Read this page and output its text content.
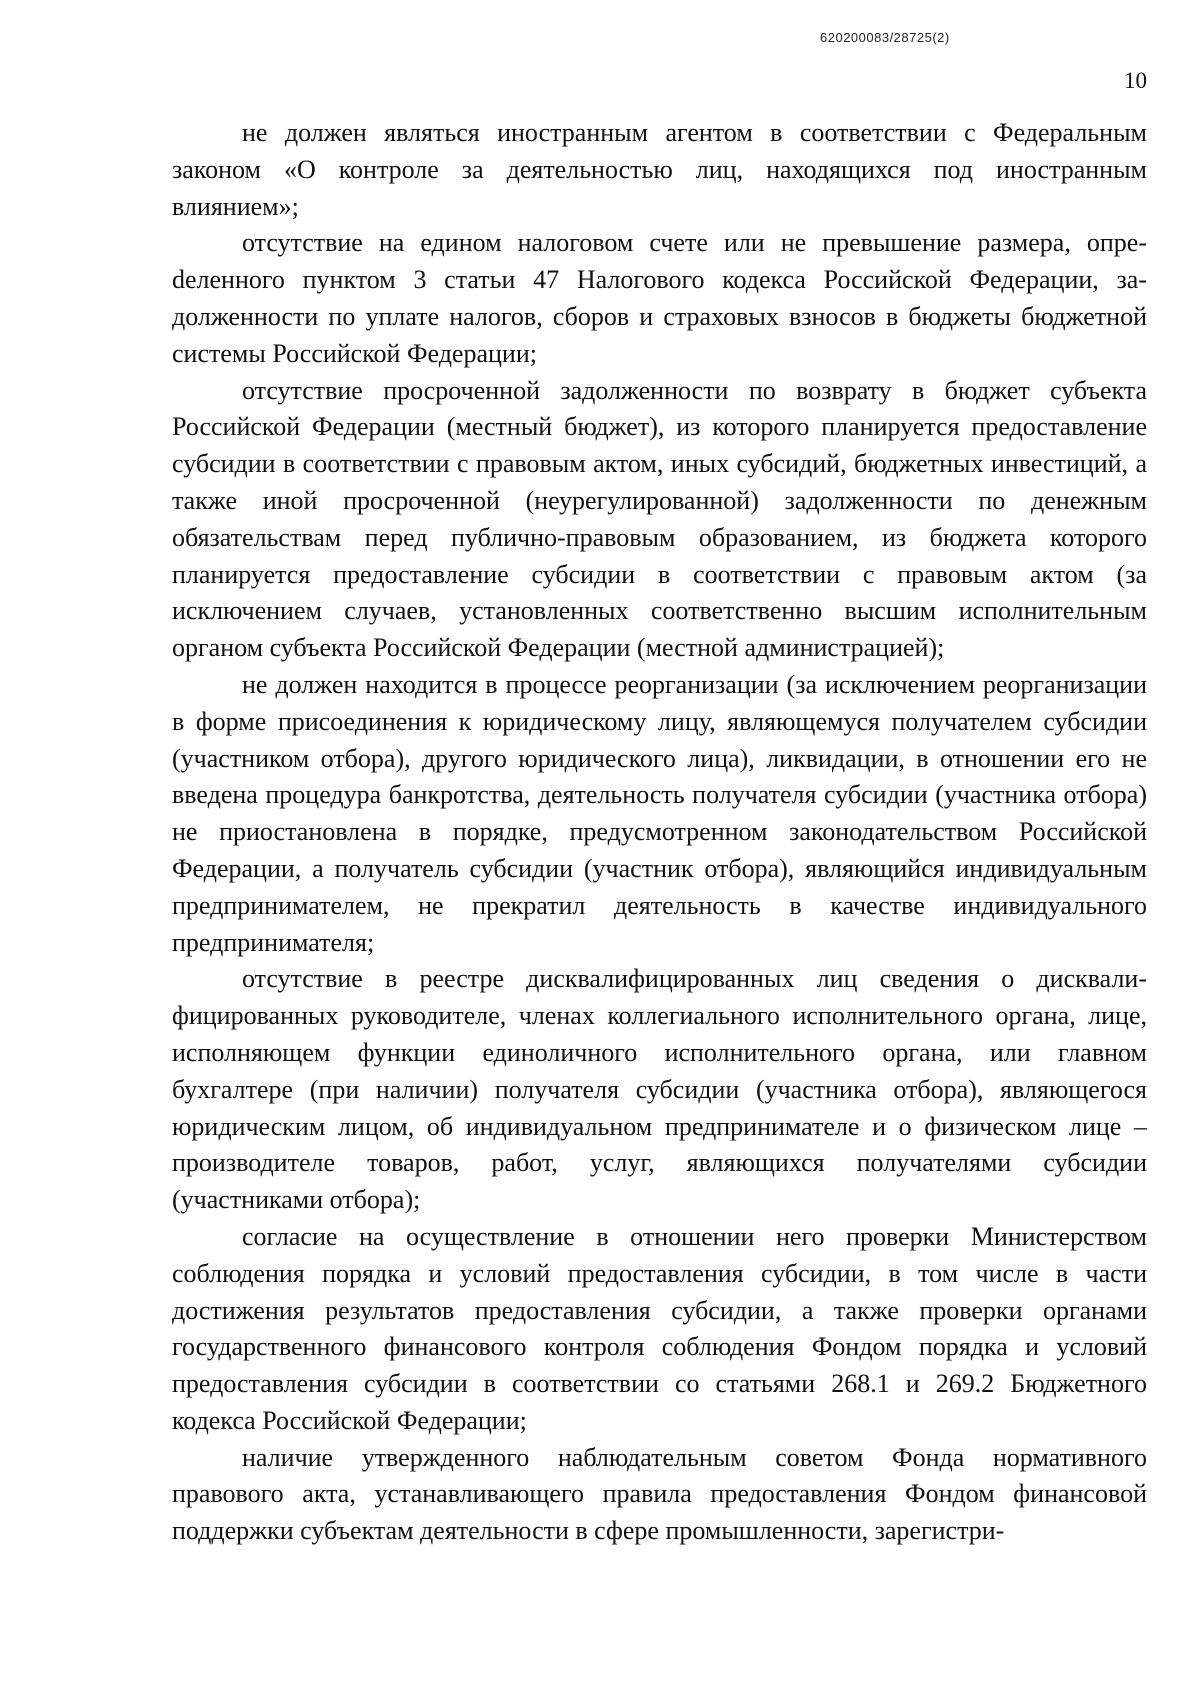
620200083/28725(2)
10

не должен являться иностранным агентом в соответствии с Федеральным законом «О контроле за деятельностью лиц, находящихся под иностранным влиянием»;

отсутствие на едином налоговом счете или не превышение размера, опреdеленного пунктом 3 статьи 47 Налогового кодекса Российской Федерации, задолженности по уплате налогов, сборов и страховых взносов в бюджеты бюджетной системы Российской Федерации;

отсутствие просроченной задолженности по возврату в бюджет субъекта Российской Федерации (местный бюджет), из которого планируется предоставление субсидии в соответствии с правовым актом, иных субсидий, бюджетных инвестиций, а также иной просроченной (неурегулированной) задолженности по денежным обязательствам перед публично-правовым образованием, из бюджета которого планируется предоставление субсидии в соответствии с правовым актом (за исключением случаев, установленных соответственно высшим исполнительным органом субъекта Российской Федерации (местной администрацией);

не должен находится в процессе реорганизации (за исключением реорганизации в форме присоединения к юридическому лицу, являющемуся получателем субсидии (участником отбора), другого юридического лица), ликвидации, в отношении его не введена процедура банкротства, деятельность получателя субсидии (участника отбора) не приостановлена в порядке, предусмотренном законодательством Российской Федерации, а получатель субсидии (участник отбора), являющийся индивидуальным предпринимателем, не прекратил деятельность в качестве индивидуального предпринимателя;

отсутствие в реестре дисквалифицированных лиц сведения о дисквалифицированных руководителе, членах коллегиального исполнительного органа, лице, исполняющем функции единоличного исполнительного органа, или главном бухгалтере (при наличии) получателя субсидии (участника отбора), являющегося юридическим лицом, об индивидуальном предпринимателе и о физическом лице – производителе товаров, работ, услуг, являющихся получателями субсидии (участниками отбора);

согласие на осуществление в отношении него проверки Министерством соблюдения порядка и условий предоставления субсидии, в том числе в части достижения результатов предоставления субсидии, а также проверки органами государственного финансового контроля соблюдения Фондом порядка и условий предоставления субсидии в соответствии со статьями 268.1 и 269.2 Бюджетного кодекса Российской Федерации;

наличие утвержденного наблюдательным советом Фонда нормативного правового акта, устанавливающего правила предоставления Фондом финансовой поддержки субъектам деятельности в сфере промышленности, зарегистри-
